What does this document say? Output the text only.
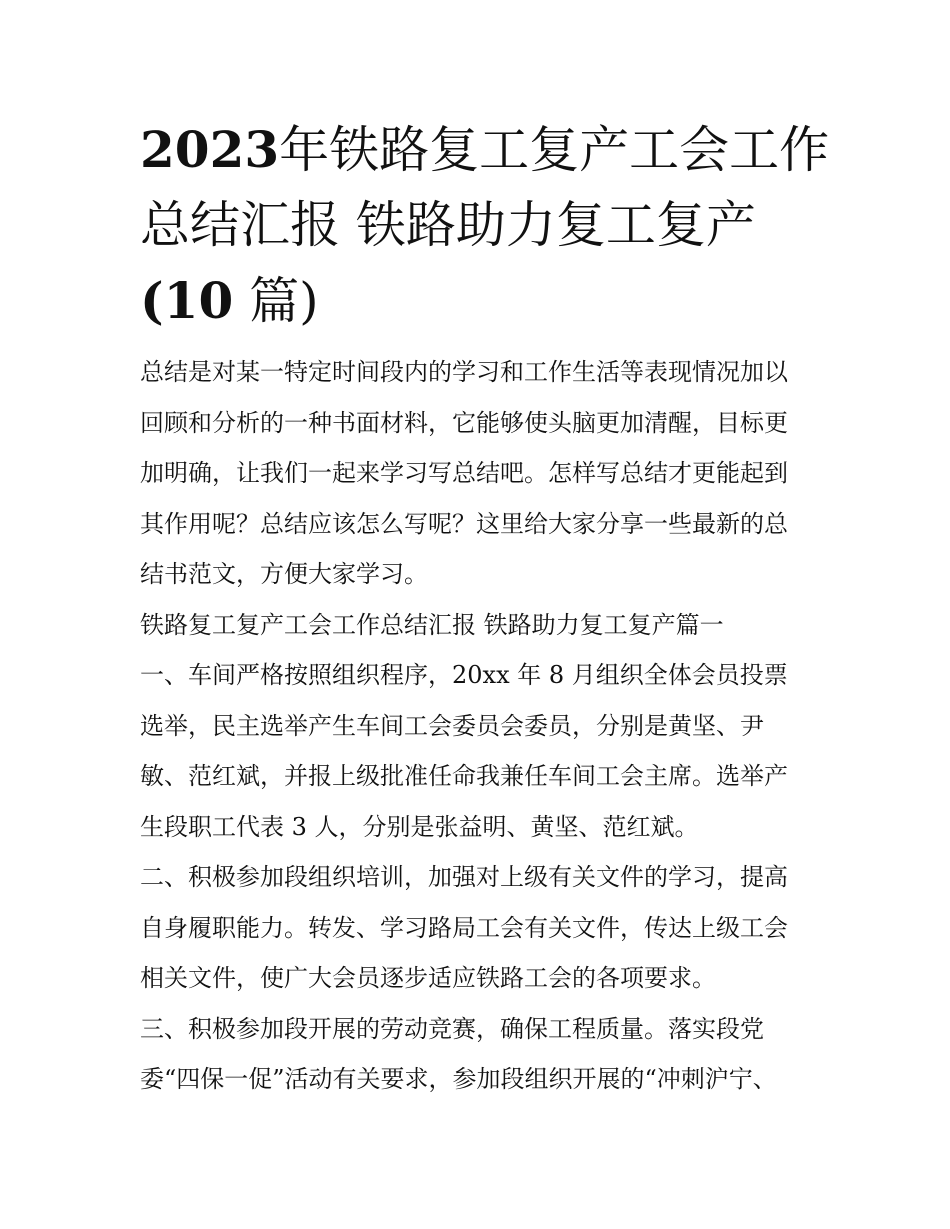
2023年铁路复工复产工会工作
总结汇报 铁路助力复工复产
(10 篇)

总结是对某一特定时间段内的学习和工作生活等表现情况加以
回顾和分析的一种书面材料，它能够使头脑更加清醒，目标更
加明确，让我们一起来学习写总结吧。怎样写总结才更能起到
其作用呢？总结应该怎么写呢？这里给大家分享一些最新的总
结书范文，方便大家学习。

铁路复工复产工会工作总结汇报 铁路助力复工复产篇一

一、车间严格按照组织程序，20xx 年 8 月组织全体会员投票
选举，民主选举产生车间工会委员会委员，分别是黄坚、尹
敏、范红斌，并报上级批准任命我兼任车间工会主席。选举产
生段职工代表 3 人，分别是张益明、黄坚、范红斌。

二、积极参加段组织培训，加强对上级有关文件的学习，提高
自身履职能力。转发、学习路局工会有关文件，传达上级工会
相关文件，使广大会员逐步适应铁路工会的各项要求。

三、积极参加段开展的劳动竞赛，确保工程质量。落实段党
委“四保一促”活动有关要求，参加段组织开展的“冲刺沪宁、
